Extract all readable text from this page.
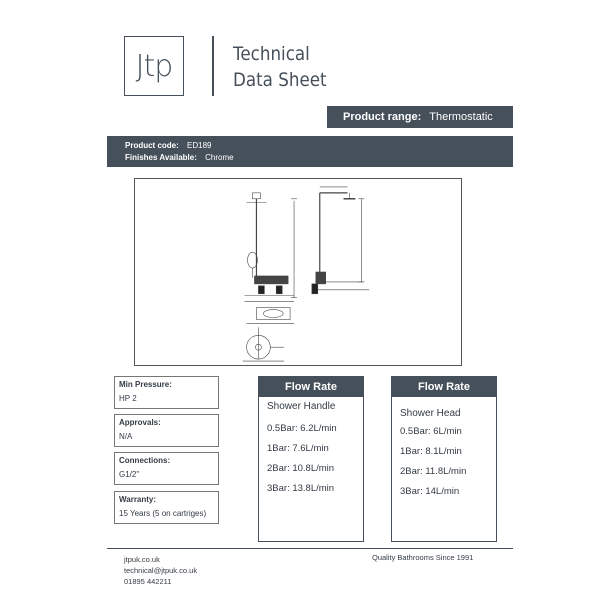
Jtp	Technical
Data Sheet
Product range: Thermostatic
Product code: ED189
Finishes Available: Chrome
Min Pressure:
HP 2
Approvals:
N/A
Connections:
G1/2"
Warranty:
15 Years (5 on cartriges)
Flow Rate
Shower Handle
0.5Bar: 6.2L/min
1Bar: 7.6L/min
2Bar: 10.8L/min
3Bar: 13.8L/min
Flow Rate
Shower Head
0.5Bar: 6L/min
1Bar: 8.1L/min
2Bar: 11.8L/min
3Bar: 14L/min
jtpuk.co.uk
technical@jtpuk.co.uk
01895 442211
Quality Bathrooms Since 1991
